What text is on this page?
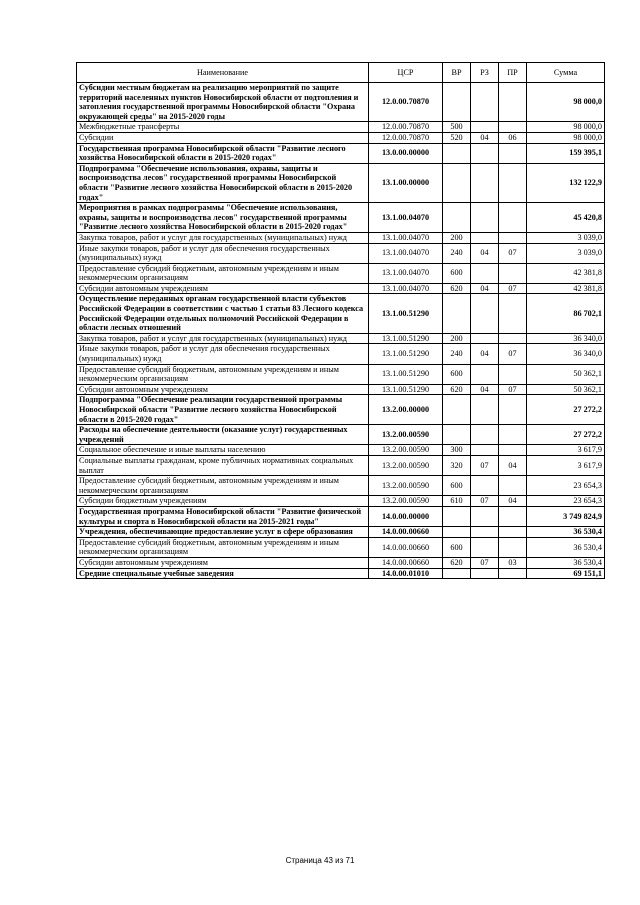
Наименование	ЦСР	ВР	РЗ	ПР	Сумма
Субсидии местным бюджетам на реализацию мероприятий по защите территорий населенных пунктов Новосибирской области от подтопления и затопления государственной программы Новосибирской области "Охрана окружающей среды" на 2015-2020 годы	12.0.00.70870				98 000,0
Межбюджетные трансферты	12.0.00.70870	500			98 000,0
Субсидии	12.0.00.70870	520	04	06	98 000,0
Государственная программа Новосибирской области "Развитие лесного хозяйства Новосибирской области в 2015-2020 годах"	13.0.00.00000				159 395,1
Подпрограмма "Обеспечение использования, охраны, защиты и воспроизводства лесов" государственной программы Новосибирской области "Развитие лесного хозяйства Новосибирской области в 2015-2020 годах"	13.1.00.00000				132 122,9
Мероприятия в рамках подпрограммы "Обеспечение использования, охраны, защиты и воспроизводства лесов" государственной программы "Развитие лесного хозяйства Новосибирской области в 2015-2020 годах"	13.1.00.04070				45 420,8
Закупка товаров, работ и услуг для государственных (муниципальных) нужд	13.1.00.04070	200			3 039,0
Иные закупки товаров, работ и услуг для обеспечения государственных (муниципальных) нужд	13.1.00.04070	240	04	07	3 039,0
Предоставление субсидий бюджетным, автономным учреждениям и иным некоммерческим организациям	13.1.00.04070	600			42 381,8
Субсидии автономным учреждениям	13.1.00.04070	620	04	07	42 381,8
Осуществление переданных органам государственной власти субъектов Российской Федерации в соответствии с частью 1 статьи 83 Лесного кодекса Российской Федерации отдельных полномочий Российской Федерации в области лесных отношений	13.1.00.51290				86 702,1
Закупка товаров, работ и услуг для государственных (муниципальных) нужд	13.1.00.51290	200			36 340,0
Иные закупки товаров, работ и услуг для обеспечения государственных (муниципальных) нужд	13.1.00.51290	240	04	07	36 340,0
Предоставление субсидий бюджетным, автономным учреждениям и иным некоммерческим организациям	13.1.00.51290	600			50 362,1
Субсидии автономным учреждениям	13.1.00.51290	620	04	07	50 362,1
Подпрограмма "Обеспечение реализации государственной программы Новосибирской области "Развитие лесного хозяйства Новосибирской области в 2015-2020 годах"	13.2.00.00000				27 272,2
Расходы на обеспечение деятельности (оказание услуг) государственных учреждений	13.2.00.00590				27 272,2
Социальное обеспечение и иные выплаты населению	13.2.00.00590	300			3 617,9
Социальные выплаты гражданам, кроме публичных нормативных социальных выплат	13.2.00.00590	320	07	04	3 617,9
Предоставление субсидий бюджетным, автономным учреждениям и иным некоммерческим организациям	13.2.00.00590	600			23 654,3
Субсидии бюджетным учреждениям	13.2.00.00590	610	07	04	23 654,3
Государственная программа Новосибирской области "Развитие физической культуры и спорта в Новосибирской области на 2015-2021 годы"	14.0.00.00000				3 749 824,9
Учреждения, обеспечивающие предоставление услуг в сфере образования	14.0.00.00660				36 530,4
Предоставление субсидий бюджетным, автономным учреждениям и иным некоммерческим организациям	14.0.00.00660	600			36 530,4
Субсидии автономным учреждениям	14.0.00.00660	620	07	03	36 530,4
Средние специальные учебные заведения	14.0.00.01010				69 151,1
Страница 43 из 71
